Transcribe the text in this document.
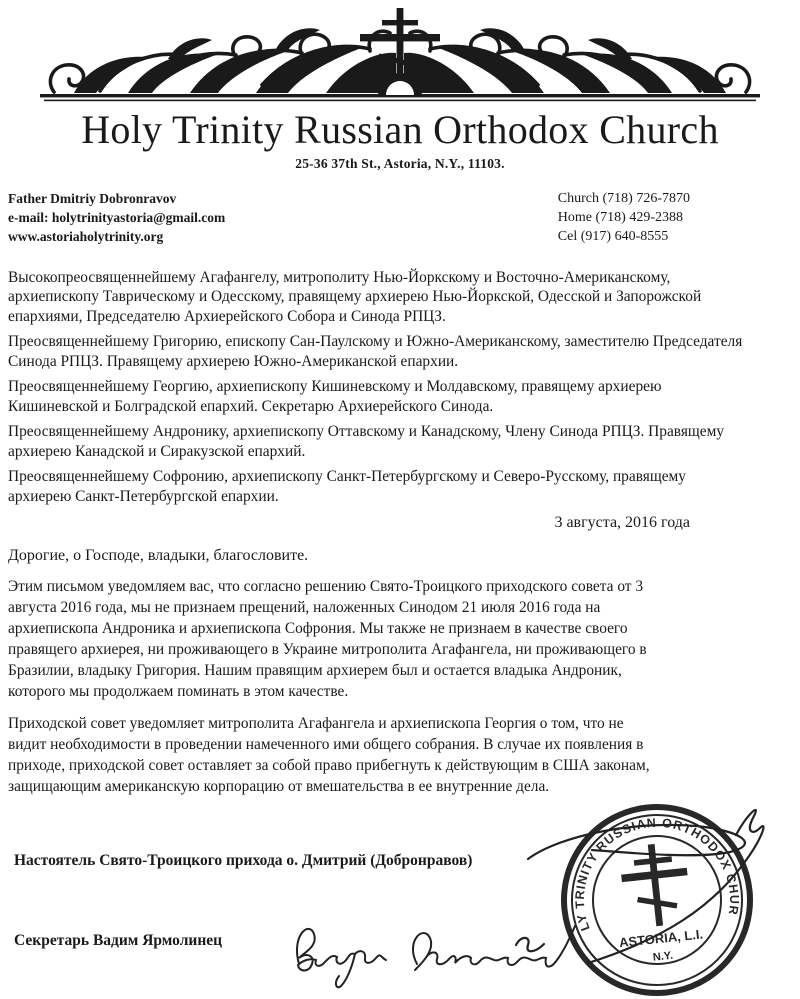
Holy Trinity Russian Orthodox Church
25-36 37th St., Astoria, N.Y., 11103.
Father Dmitriy Dobronravov
e-mail: holytrinityastoria@gmail.com
www.astoriaholytrinity.org
Church (718) 726-7870
Home (718) 429-2388
Cel (917) 640-8555

Высокопреосвященнейшему Агафангелу, митрополиту Нью-Йоркскому и Восточно-Американскому, архиепископу Таврическому и Одесскому, правящему архиерею Нью-Йоркской, Одесской и Запорожской епархиями, Председателю Архиерейского Собора и Синода РПЦЗ.

Преосвященнейшему Григорию, епископу Сан-Паулскому и Южно-Американскому, заместителю Председателя Синода РПЦЗ. Правящему архиерею Южно-Американской епархии.

Преосвященнейшему Георгию, архиепископу Кишиневскому и Молдавскому, правящему архиерею Кишиневской и Болградской епархий. Секретарю Архиерейского Синода.

Преосвященнейшему Андронику, архиепископу Оттавскому и Канадскому, Члену Синода РПЦЗ. Правящему архиерею Канадской и Сиракузской епархий.

Преосвященнейшему Софронию, архиепископу Санкт-Петербургскому и Северо-Русскому, правящему архиерею Санкт-Петербургской епархии.

3 августа, 2016 года
Дорогие, о Господе, владыки, благословите.

Этим письмом уведомляем вас, что согласно решению Свято-Троицкого приходского совета от 3 августа 2016 года, мы не признаем прещений, наложенных Синодом 21 июля 2016 года на архиепископа Андроника и архиепископа Софрония. Мы также не признаем в качестве своего правящего архиерея, ни проживающего в Украине митрополита Агафангела, ни проживающего в Бразилии, владыку Григория. Нашим правящим архиерем был и остается владыка Андроник, которого мы продолжаем поминать в этом качестве.

Приходской совет уведомляет митрополита Агафангела и архиепископа Георгия о том, что не видит необходимости в проведении намеченного ими общего собрания. В случае их появления в приходе, приходской совет оставляет за собой право прибегнуть к действующим в США законам, защищающим американскую корпорацию от вмешательства в ее внутренние дела.

Настоятель Свято-Троицкого прихода о. Дмитрий (Добронравов)
Секретарь Вадим Ярмолинец
HOLY TRINITY RUSSIAN ORTHODOX CHURCH
ASTORIA, L.I.
N.Y.
